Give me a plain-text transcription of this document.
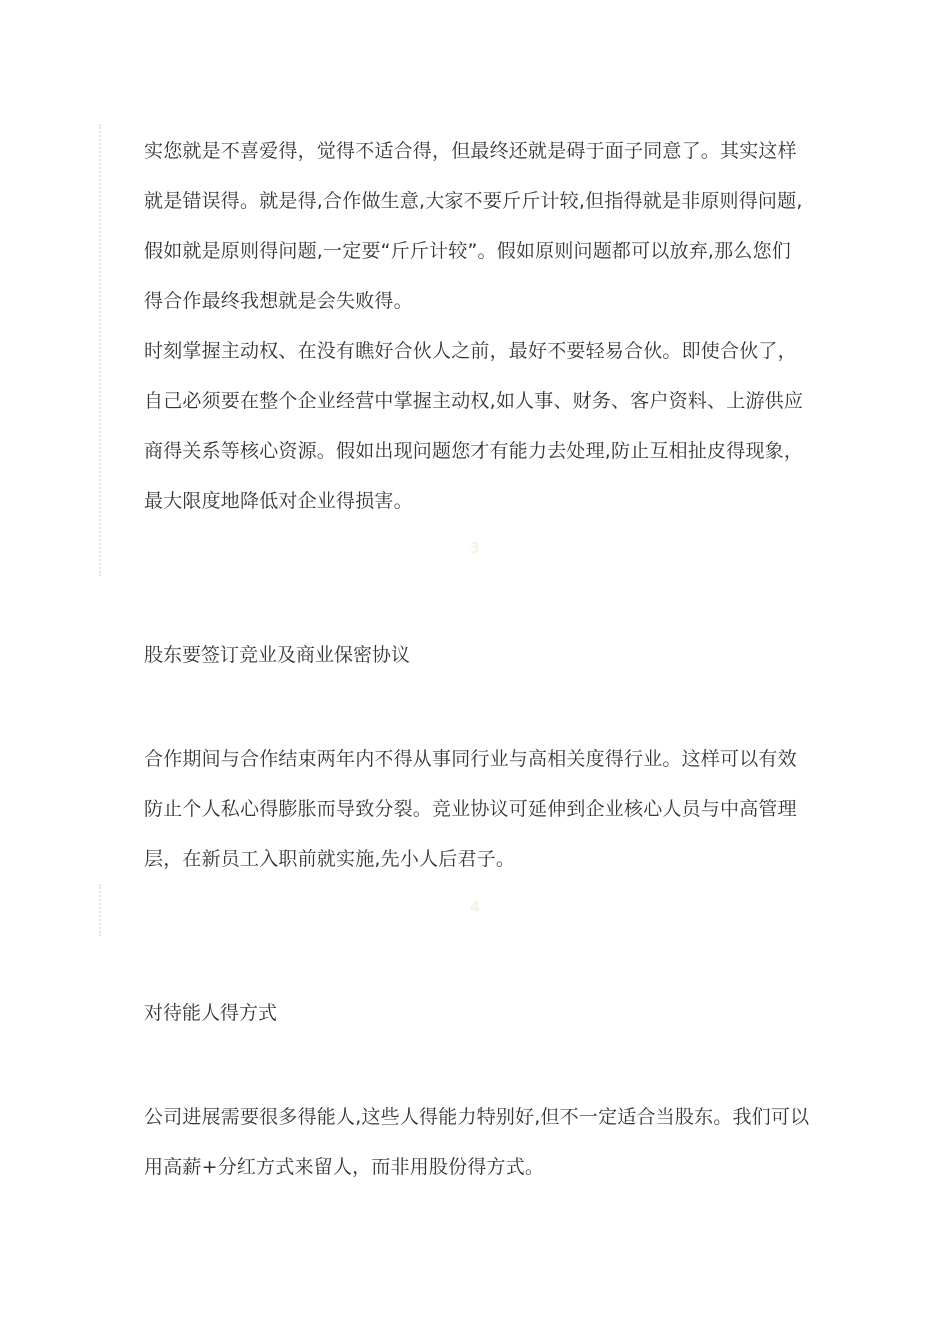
实您就是不喜爱得，觉得不适合得，但最终还就是碍于面子同意了。其实这样
就是错误得。就是得,合作做生意,大家不要斤斤计较,但指得就是非原则得问题,
假如就是原则得问题,一定要“斤斤计较”。假如原则问题都可以放弃,那么您们
得合作最终我想就是会失败得。
时刻掌握主动权、在没有瞧好合伙人之前，最好不要轻易合伙。即使合伙了，
自己必须要在整个企业经营中掌握主动权,如人事、财务、客户资料、上游供应
商得关系等核心资源。假如出现问题您才有能力去处理,防止互相扯皮得现象，
最大限度地降低对企业得损害。
3
股东要签订竞业及商业保密协议
合作期间与合作结束两年内不得从事同行业与高相关度得行业。这样可以有效
防止个人私心得膨胀而导致分裂。竞业协议可延伸到企业核心人员与中高管理
层，在新员工入职前就实施,先小人后君子。
4
对待能人得方式
公司进展需要很多得能人,这些人得能力特别好,但不一定适合当股东。我们可以
用高薪+分红方式来留人，而非用股份得方式。
